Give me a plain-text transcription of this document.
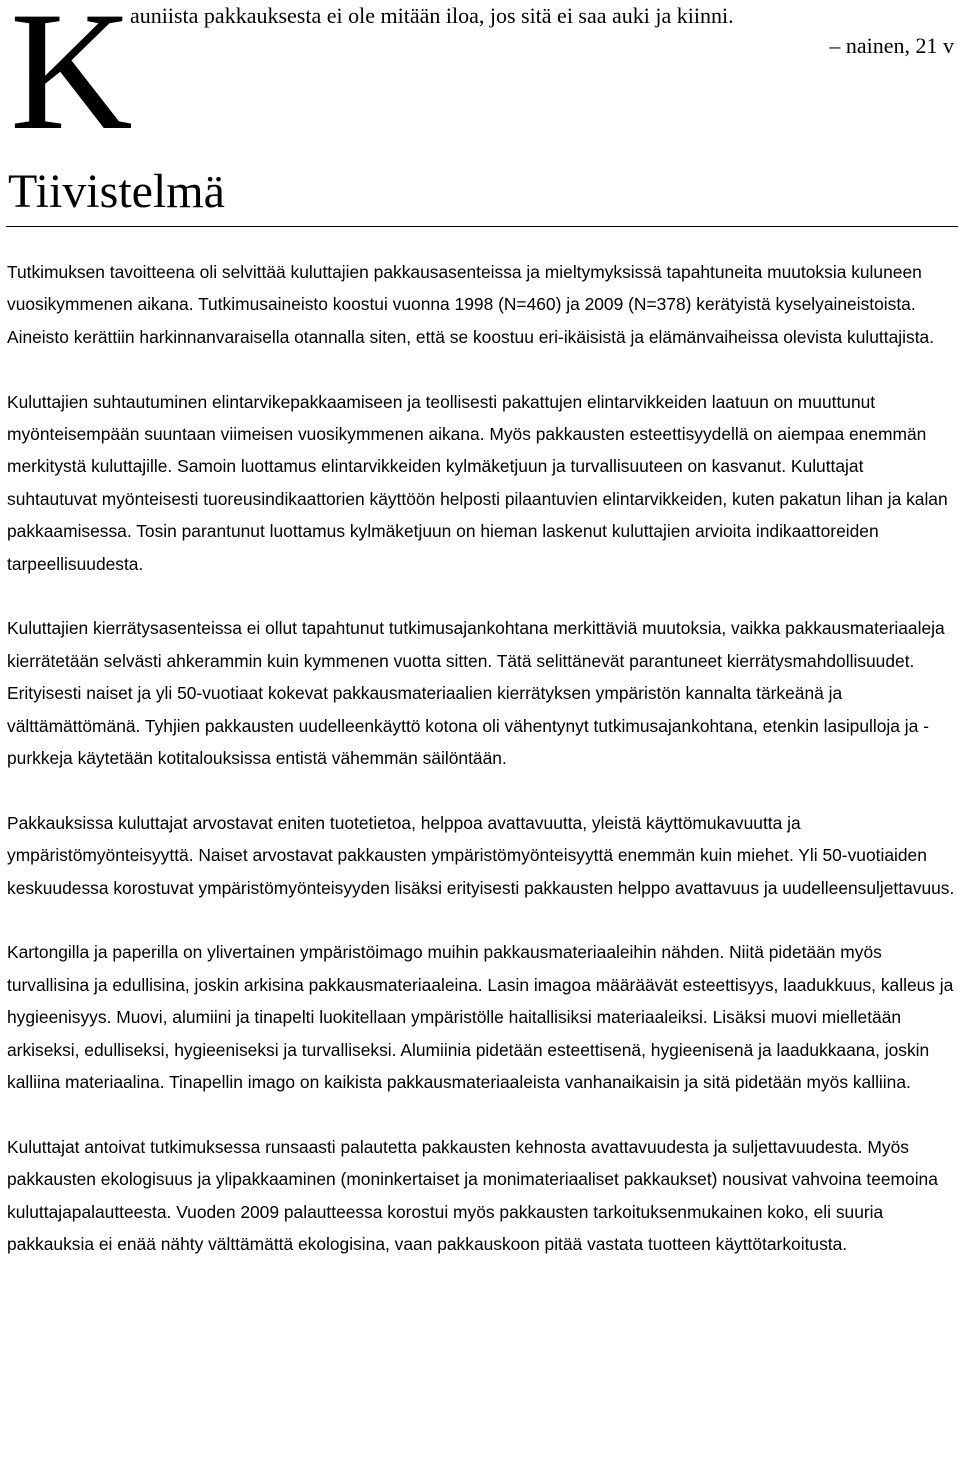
K

auniista pakkauksesta ei ole mitään iloa, jos sitä ei saa auki ja kiinni.

– nainen, 21 v

Tiivistelmä

Tutkimuksen tavoitteena oli selvittää kuluttajien pakkausasenteissa ja mieltymyksissä tapahtuneita muutoksia kuluneen vuosikymmenen aikana. Tutkimusaineisto koostui vuonna 1998 (N=460) ja 2009 (N=378) kerätyistä kyselyaineistoista. Aineisto kerättiin harkinnanvaraisella otannalla siten, että se koostuu eri-ikäisistä ja elämänvaiheissa olevista kuluttajista.

Kuluttajien suhtautuminen elintarvikepakkaamiseen ja teollisesti pakattujen elintarvikkeiden laatuun on muuttunut myönteisempään suuntaan viimeisen vuosikymmenen aikana. Myös pakkausten esteettisyydellä on aiempaa enemmän merkitystä kuluttajille. Samoin luottamus elintarvikkeiden kylmäketjuun ja turvallisuuteen on kasvanut. Kuluttajat suhtautuvat myönteisesti tuoreusindikaattorien käyttöön helposti pilaantuvien elintarvikkeiden, kuten pakatun lihan ja kalan pakkaamisessa. Tosin parantunut luottamus kylmäketjuun on hieman laskenut kuluttajien arvioita indikaattoreiden tarpeellisuudesta.

Kuluttajien kierrätysasenteissa ei ollut tapahtunut tutkimusajankohtana merkittäviä muutoksia, vaikka pakkausmateriaaleja kierrätetään selvästi ahkerammin kuin kymmenen vuotta sitten. Tätä selittänevät parantuneet kierrätysmahdollisuudet. Erityisesti naiset ja yli 50-vuotiaat kokevat pakkausmateriaalien kierrätyksen ympäristön kannalta tärkeänä ja välttämättömänä. Tyhjien pakkausten uudelleenkäyttö kotona oli vähentynyt tutkimusajankohtana, etenkin lasipulloja ja -purkkeja käytetään kotitalouksissa entistä vähemmän säilöntään.

Pakkauksissa kuluttajat arvostavat eniten tuotetietoa, helppoa avattavuutta, yleistä käyttömukavuutta ja ympäristömyönteisyyttä. Naiset arvostavat pakkausten ympäristömyönteisyyttä enemmän kuin miehet. Yli 50-vuotiaiden keskuudessa korostuvat ympäristömyönteisyyden lisäksi erityisesti pakkausten helppo avattavuus ja uudelleensuljettavuus.

Kartongilla ja paperilla on ylivertainen ympäristöimago muihin pakkausmateriaaleihin nähden. Niitä pidetään myös turvallisina ja edullisina, joskin arkisina pakkausmateriaaleina. Lasin imagoa määräävät esteettisyys, laadukkuus, kalleus ja hygieenisyys. Muovi, alumiini ja tinapelti luokitellaan ympäristölle haitallisiksi materiaaleiksi. Lisäksi muovi mielletään arkiseksi, edulliseksi, hygieeniseksi ja turvalliseksi. Alumiinia pidetään esteettisenä, hygieenisenä ja laadukkaana, joskin kalliina materiaalina. Tinapellin imago on kaikista pakkausmateriaaleista vanhanaikaisin ja sitä pidetään myös kalliina.

Kuluttajat antoivat tutkimuksessa runsaasti palautetta pakkausten kehnosta avattavuudesta ja suljettavuudesta. Myös pakkausten ekologisuus ja ylipakkaaminen (moninkertaiset ja monimateriaaliset pakkaukset) nousivat vahvoina teemoina kuluttajapalautteesta. Vuoden 2009 palautteessa korostui myös pakkausten tarkoituksenmukainen koko, eli suuria pakkauksia ei enää nähty välttämättä ekologisina, vaan pakkauskoon pitää vastata tuotteen käyttötarkoitusta.
